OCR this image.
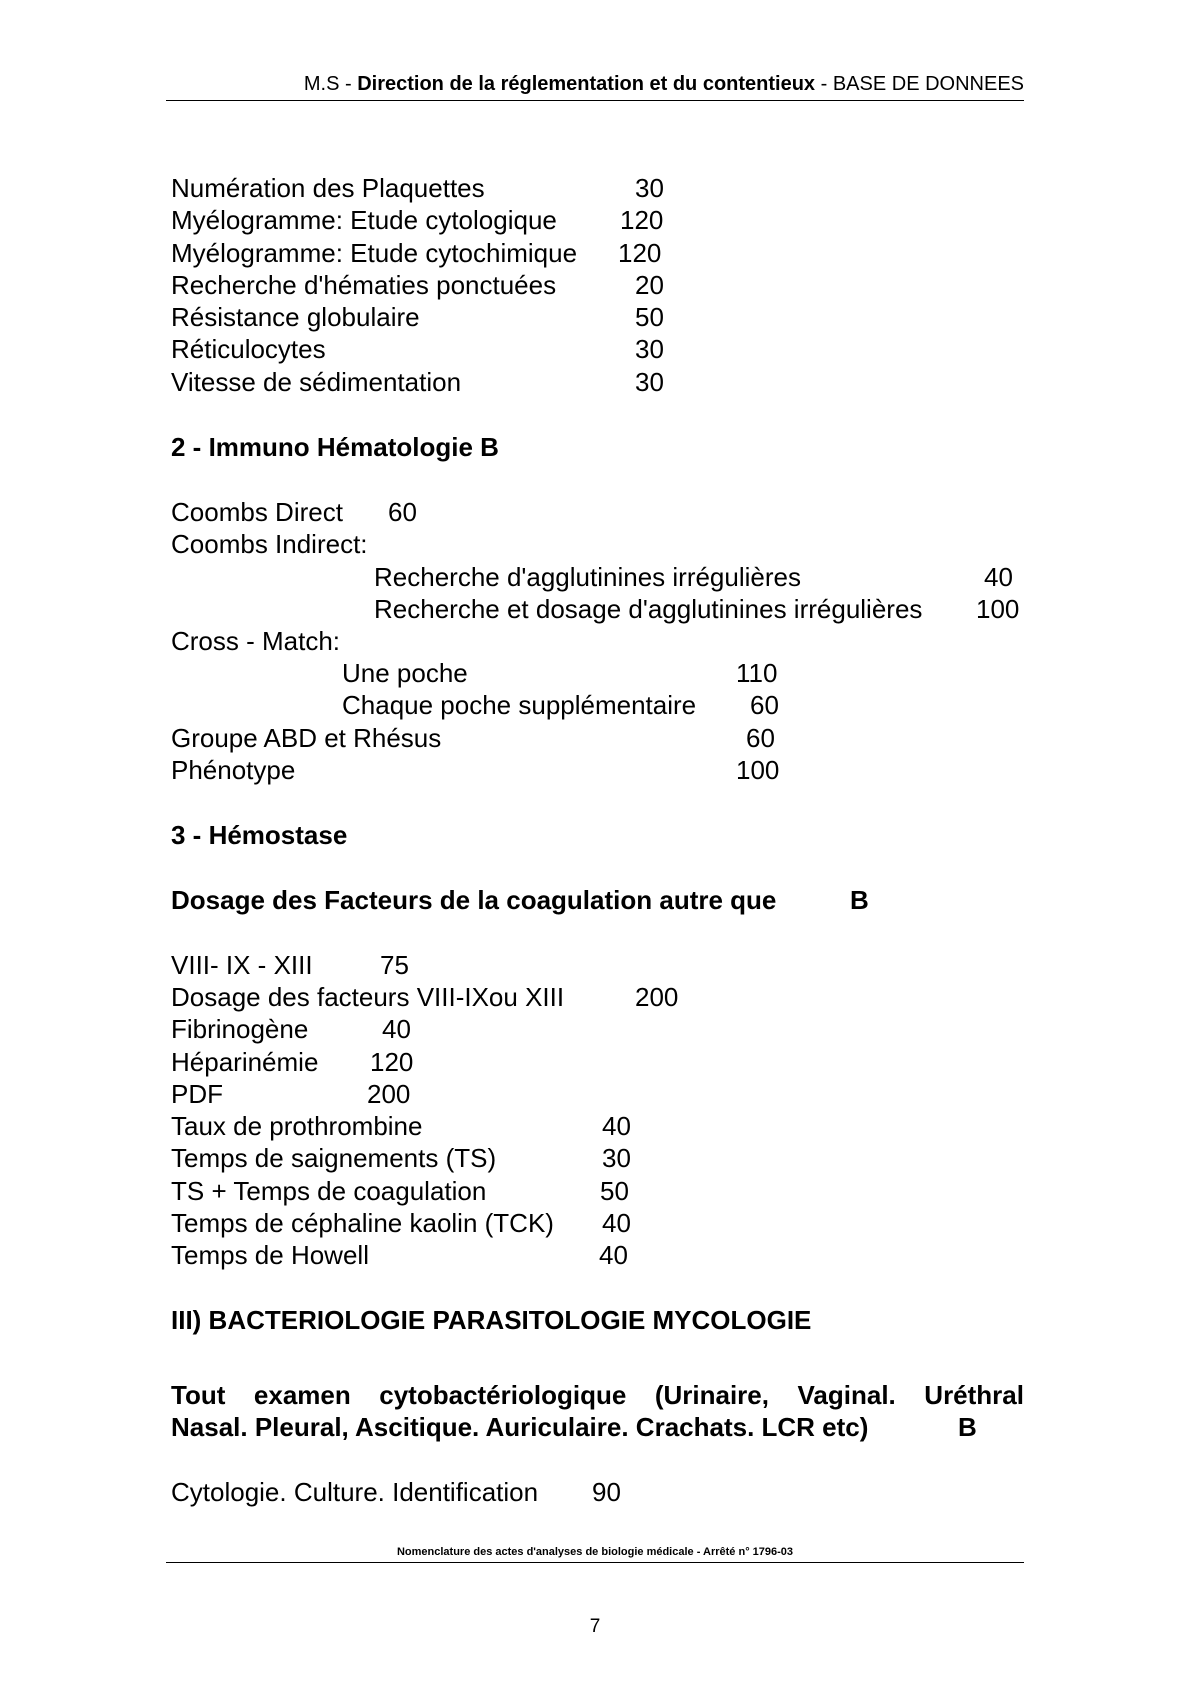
M.S - Direction de la réglementation et du contentieux - BASE DE DONNEES
Numération des Plaquettes	30
Myélogramme: Etude cytologique 120
Myélogramme: Etude cytochimique 120
Recherche d'hématies ponctuées	20
Résistance globulaire	50
Réticulocytes	30
Vitesse de sédimentation	30
2 - Immuno Hématologie B
Coombs Direct 60
Coombs Indirect:
Recherche d'agglutinines irrégulières	40
Recherche et dosage d'agglutinines irrégulières 100
Cross - Match:
Une poche	110
Chaque poche supplémentaire 60
Groupe ABD et Rhésus	60
Phénotype	100
3 - Hémostase
Dosage des Facteurs de la coagulation autre que	B
VIII- IX - XIII	75
Dosage des facteurs VIII-IXou XIII	200
Fibrinogène	40
Héparinémie 120
PDF	200
Taux de prothrombine	40
Temps de saignements (TS)	30
TS + Temps de coagulation	50
Temps de céphaline kaolin (TCK) 40
Temps de Howell	40
III) BACTERIOLOGIE PARASITOLOGIE MYCOLOGIE
Tout examen cytobactériologique (Urinaire, Vaginal. Uréthral
Nasal. Pleural, Ascitique. Auriculaire. Crachats. LCR etc)	B
Cytologie. Culture. Identification 90
Nomenclature des actes d'analyses de biologie médicale - Arrêté n° 1796-03
7
